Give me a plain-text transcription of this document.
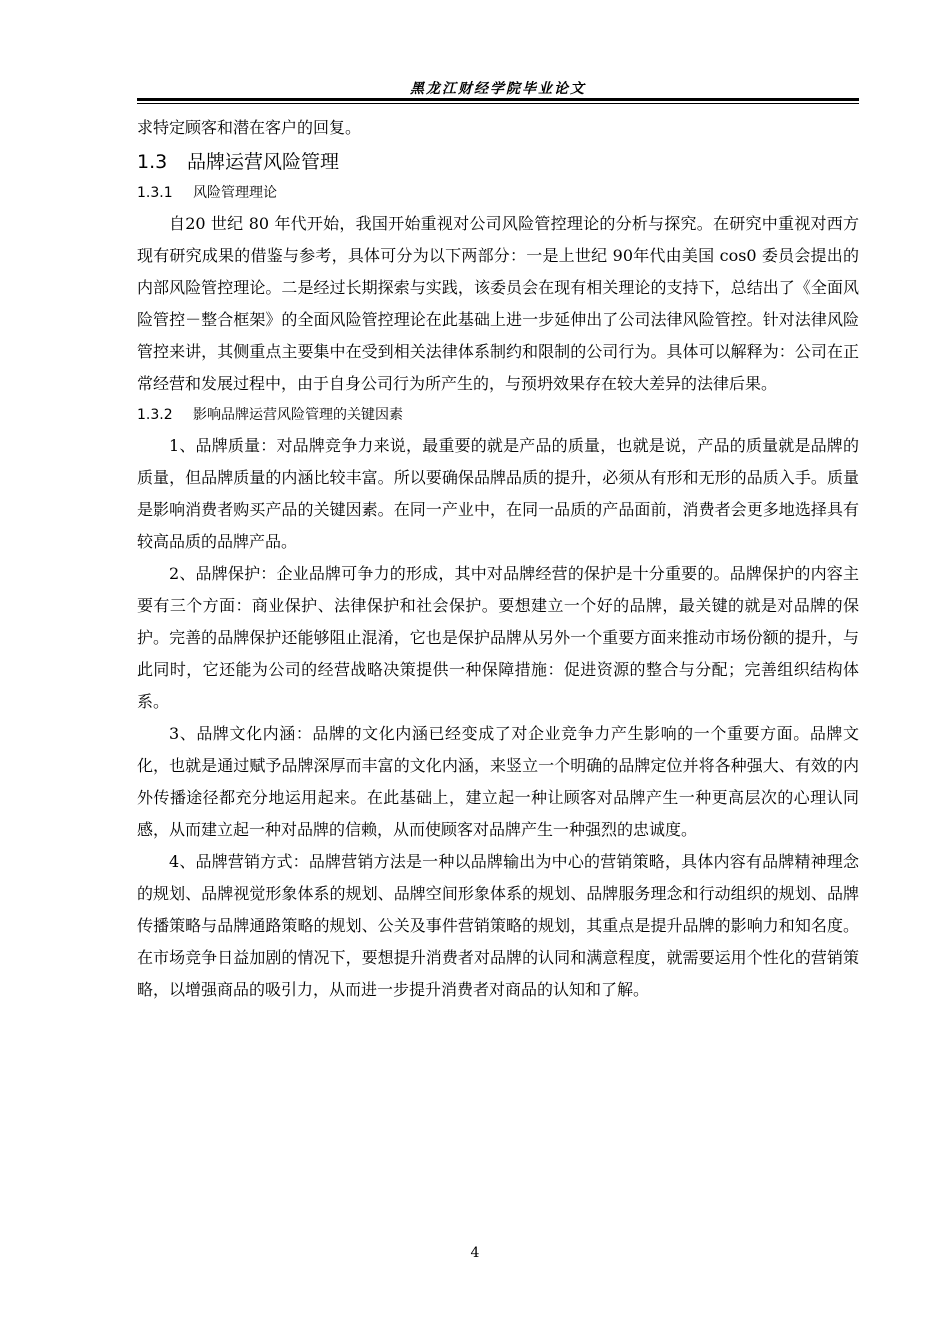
黑龙江财经学院毕业论文

求特定顾客和潜在客户的回复。

1.3 品牌运营风险管理
1.3.1 风险管理理论

自20 世纪 80 年代开始，我国开始重视对公司风险管控理论的分析与探究。在研究中重视对西方现有研究成果的借鉴与参考，具体可分为以下两部分：一是上世纪 90年代由美国 cos0 委员会提出的内部风险管控理论。二是经过长期探索与实践，该委员会在现有相关理论的支持下，总结出了《全面风险管控－整合框架》的全面风险管控理论在此基础上进一步延伸出了公司法律风险管控。针对法律风险管控来讲，其侧重点主要集中在受到相关法律体系制约和限制的公司行为。具体可以解释为：公司在正常经营和发展过程中，由于自身公司行为所产生的，与预坍效果存在较大差异的法律后果。

1.3.2 影响品牌运营风险管理的关键因素

1、品牌质量：对品牌竞争力来说，最重要的就是产品的质量，也就是说，产品的质量就是品牌的质量，但品牌质量的内涵比较丰富。所以要确保品牌品质的提升，必须从有形和无形的品质入手。质量是影响消费者购买产品的关键因素。在同一产业中，在同一品质的产品面前，消费者会更多地选择具有较高品质的品牌产品。

2、品牌保护：企业品牌可争力的形成，其中对品牌经营的保护是十分重要的。品牌保护的内容主要有三个方面：商业保护、法律保护和社会保护。要想建立一个好的品牌，最关键的就是对品牌的保护。完善的品牌保护还能够阻止混淆，它也是保护品牌从另外一个重要方面来推动市场份额的提升，与此同时，它还能为公司的经营战略决策提供一种保障措施：促进资源的整合与分配；完善组织结构体系。

3、品牌文化内涵：品牌的文化内涵已经变成了对企业竞争力产生影响的一个重要方面。品牌文化，也就是通过赋予品牌深厚而丰富的文化内涵，来竖立一个明确的品牌定位并将各种强大、有效的内外传播途径都充分地运用起来。在此基础上，建立起一种让顾客对品牌产生一种更高层次的心理认同感，从而建立起一种对品牌的信赖，从而使顾客对品牌产生一种强烈的忠诚度。

4、品牌营销方式：品牌营销方法是一种以品牌输出为中心的营销策略，具体内容有品牌精神理念的规划、品牌视觉形象体系的规划、品牌空间形象体系的规划、品牌服务理念和行动组织的规划、品牌传播策略与品牌通路策略的规划、公关及事件营销策略的规划，其重点是提升品牌的影响力和知名度。在市场竞争日益加剧的情况下，要想提升消费者对品牌的认同和满意程度，就需要运用个性化的营销策略，以增强商品的吸引力，从而进一步提升消费者对商品的认知和了解。

4
